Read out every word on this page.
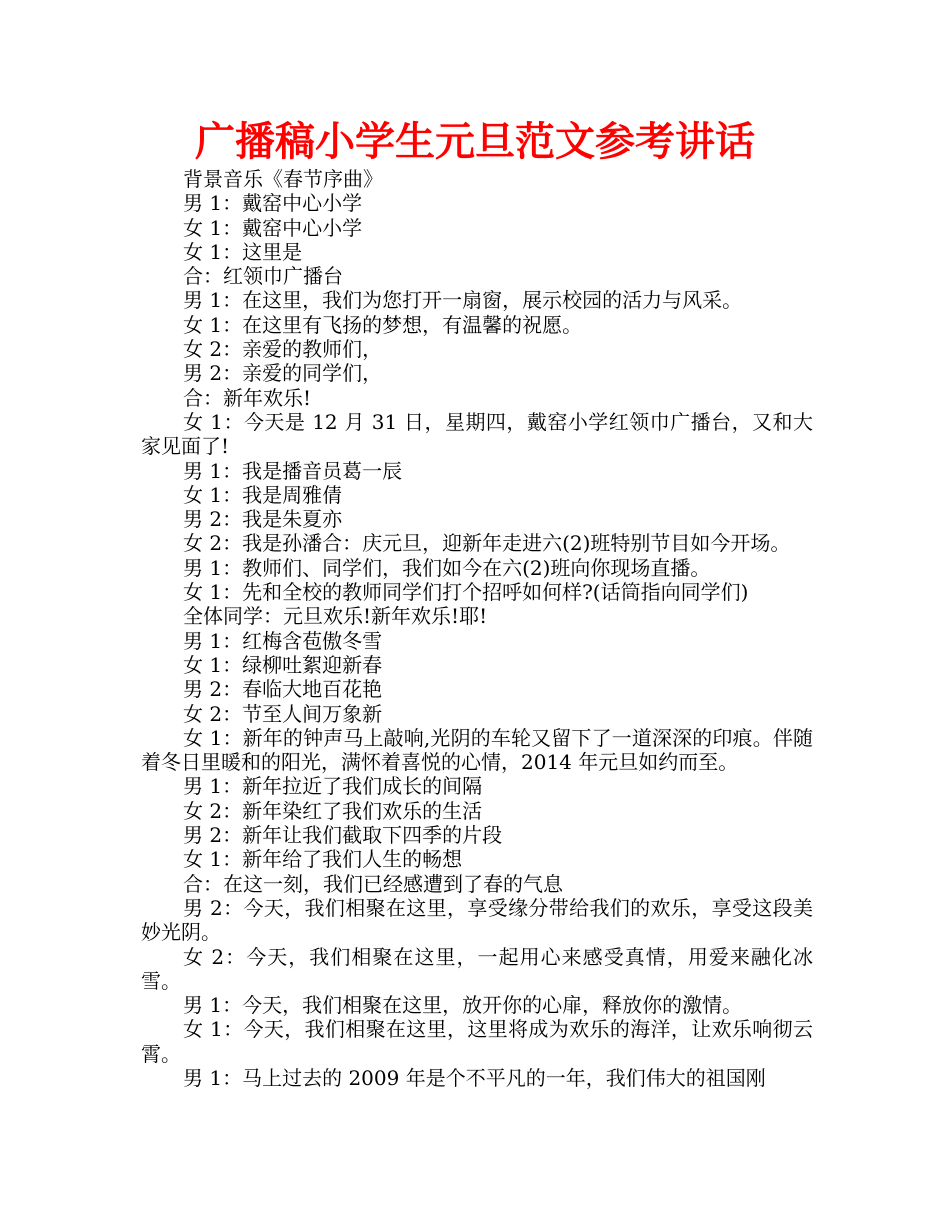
广播稿小学生元旦范文参考讲话

背景音乐《春节序曲》

男 1：戴窑中心小学

女 1：戴窑中心小学

女 1：这里是

合：红领巾广播台

男 1：在这里，我们为您打开一扇窗，展示校园的活力与风采。

女 1：在这里有飞扬的梦想，有温馨的祝愿。

女 2：亲爱的教师们，

男 2：亲爱的同学们，

合：新年欢乐!

女 1：今天是 12 月 31 日，星期四，戴窑小学红领巾广播台，又和大家见面了!

男 1：我是播音员葛一辰

女 1：我是周雅倩

男 2：我是朱夏亦

女 2：我是孙潘合：庆元旦，迎新年走进六(2)班特别节目如今开场。

男 1：教师们、同学们，我们如今在六(2)班向你现场直播。

女 1：先和全校的教师同学们打个招呼如何样?(话筒指向同学们)

全体同学：元旦欢乐!新年欢乐!耶!

男 1：红梅含苞傲冬雪

女 1：绿柳吐絮迎新春

男 2：春临大地百花艳

女 2：节至人间万象新

女 1：新年的钟声马上敲响,光阴的车轮又留下了一道深深的印痕。伴随着冬日里暖和的阳光，满怀着喜悦的心情，2014 年元旦如约而至。

男 1：新年拉近了我们成长的间隔

女 2：新年染红了我们欢乐的生活

男 2：新年让我们截取下四季的片段

女 1：新年给了我们人生的畅想

合：在这一刻，我们已经感遭到了春的气息

男 2：今天，我们相聚在这里，享受缘分带给我们的欢乐，享受这段美妙光阴。

女 2：今天，我们相聚在这里，一起用心来感受真情，用爱来融化冰雪。

男 1：今天，我们相聚在这里，放开你的心扉，释放你的激情。

女 1：今天，我们相聚在这里，这里将成为欢乐的海洋，让欢乐响彻云霄。

男 1：马上过去的 2009 年是个不平凡的一年，我们伟大的祖国刚
